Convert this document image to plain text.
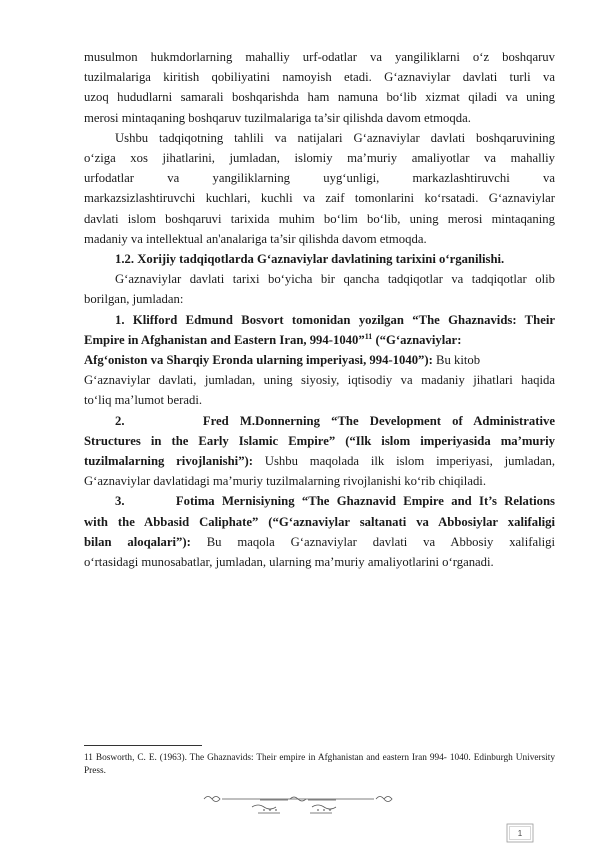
musulmon hukmdorlarning mahalliy urf-odatlar va yangiliklarni oʻz boshqaruv
tuzilmalariga kiritish qobiliyatini namoyish etadi. Gʻaznaviylar davlati turli va
uzoq hududlarni samarali boshqarishda ham namuna boʻlib xizmat qiladi va uning
merosi mintaqaning boshqaruv tuzilmalariga ta’sir qilishda davom etmoqda.

Ushbu tadqiqotning tahlili va natijalari Gʻaznaviylar davlati boshqaruvining
oʻziga xos jihatlarini, jumladan, islomiy ma’muriy amaliyotlar va mahalliy
urfodatlar va yangiliklarning uygʻunligi, markazlashtiruvchi va
markazsizlashtiruvchi kuchlari, kuchli va zaif tomonlarini koʻrsatadi. Gʻaznaviylar
davlati islom boshqaruvi tarixida muhim boʻlim boʻlib, uning merosi mintaqaning
madaniy va intellektual an'analariga ta’sir qilishda davom etmoqda.

1.2. Xorijiy tadqiqotlarda Gʻaznaviylar davlatining tarixini oʻrganilishi.

Gʻaznaviylar davlati tarixi boʻyicha bir qancha tadqiqotlar va tadqiqotlar olib
borilgan, jumladan:

1. Klifford Edmund Bosvort tomonidan yozilgan “The Ghaznavids: Their
Empire in Afghanistan and Eastern Iran, 994-1040”$^{11}$ (“Gʻaznaviylar:
Afgʻoniston va Sharqiy Eronda ularning imperiyasi, 994-1040”): Bu kitob
Gʻaznaviylar davlati, jumladan, uning siyosiy, iqtisodiy va madaniy jihatlari haqida
toʻliq ma’lumot beradi.

2.       Fred M.Donnerning “The Development of Administrative
Structures in the Early Islamic Empire” (“Ilk islom imperiyasida ma’muriy
tuzilmalarning rivojlanishi”): Ushbu maqolada ilk islom imperiyasi, jumladan,
Gʻaznaviylar davlatidagi ma’muriy tuzilmalarning rivojlanishi koʻrib chiqiladi.

3.       Fotima Mernisiyning “The Ghaznavid Empire and It’s Relations
with the Abbasid Caliphate” (“Gʻaznaviylar saltanati va Abbosiylar xalifaligi
bilan aloqalari”): Bu maqola Gʻaznaviylar davlati va Abbosiy xalifaligi
oʻrtasidagi munosabatlar, jumladan, ularning ma’muriy amaliyotlarini oʻrganadi.

11 Bosworth, C. E. (1963). The Ghaznavids: Their empire in Afghanistan and eastern Iran 994- 1040. Edinburgh University Press.
1
